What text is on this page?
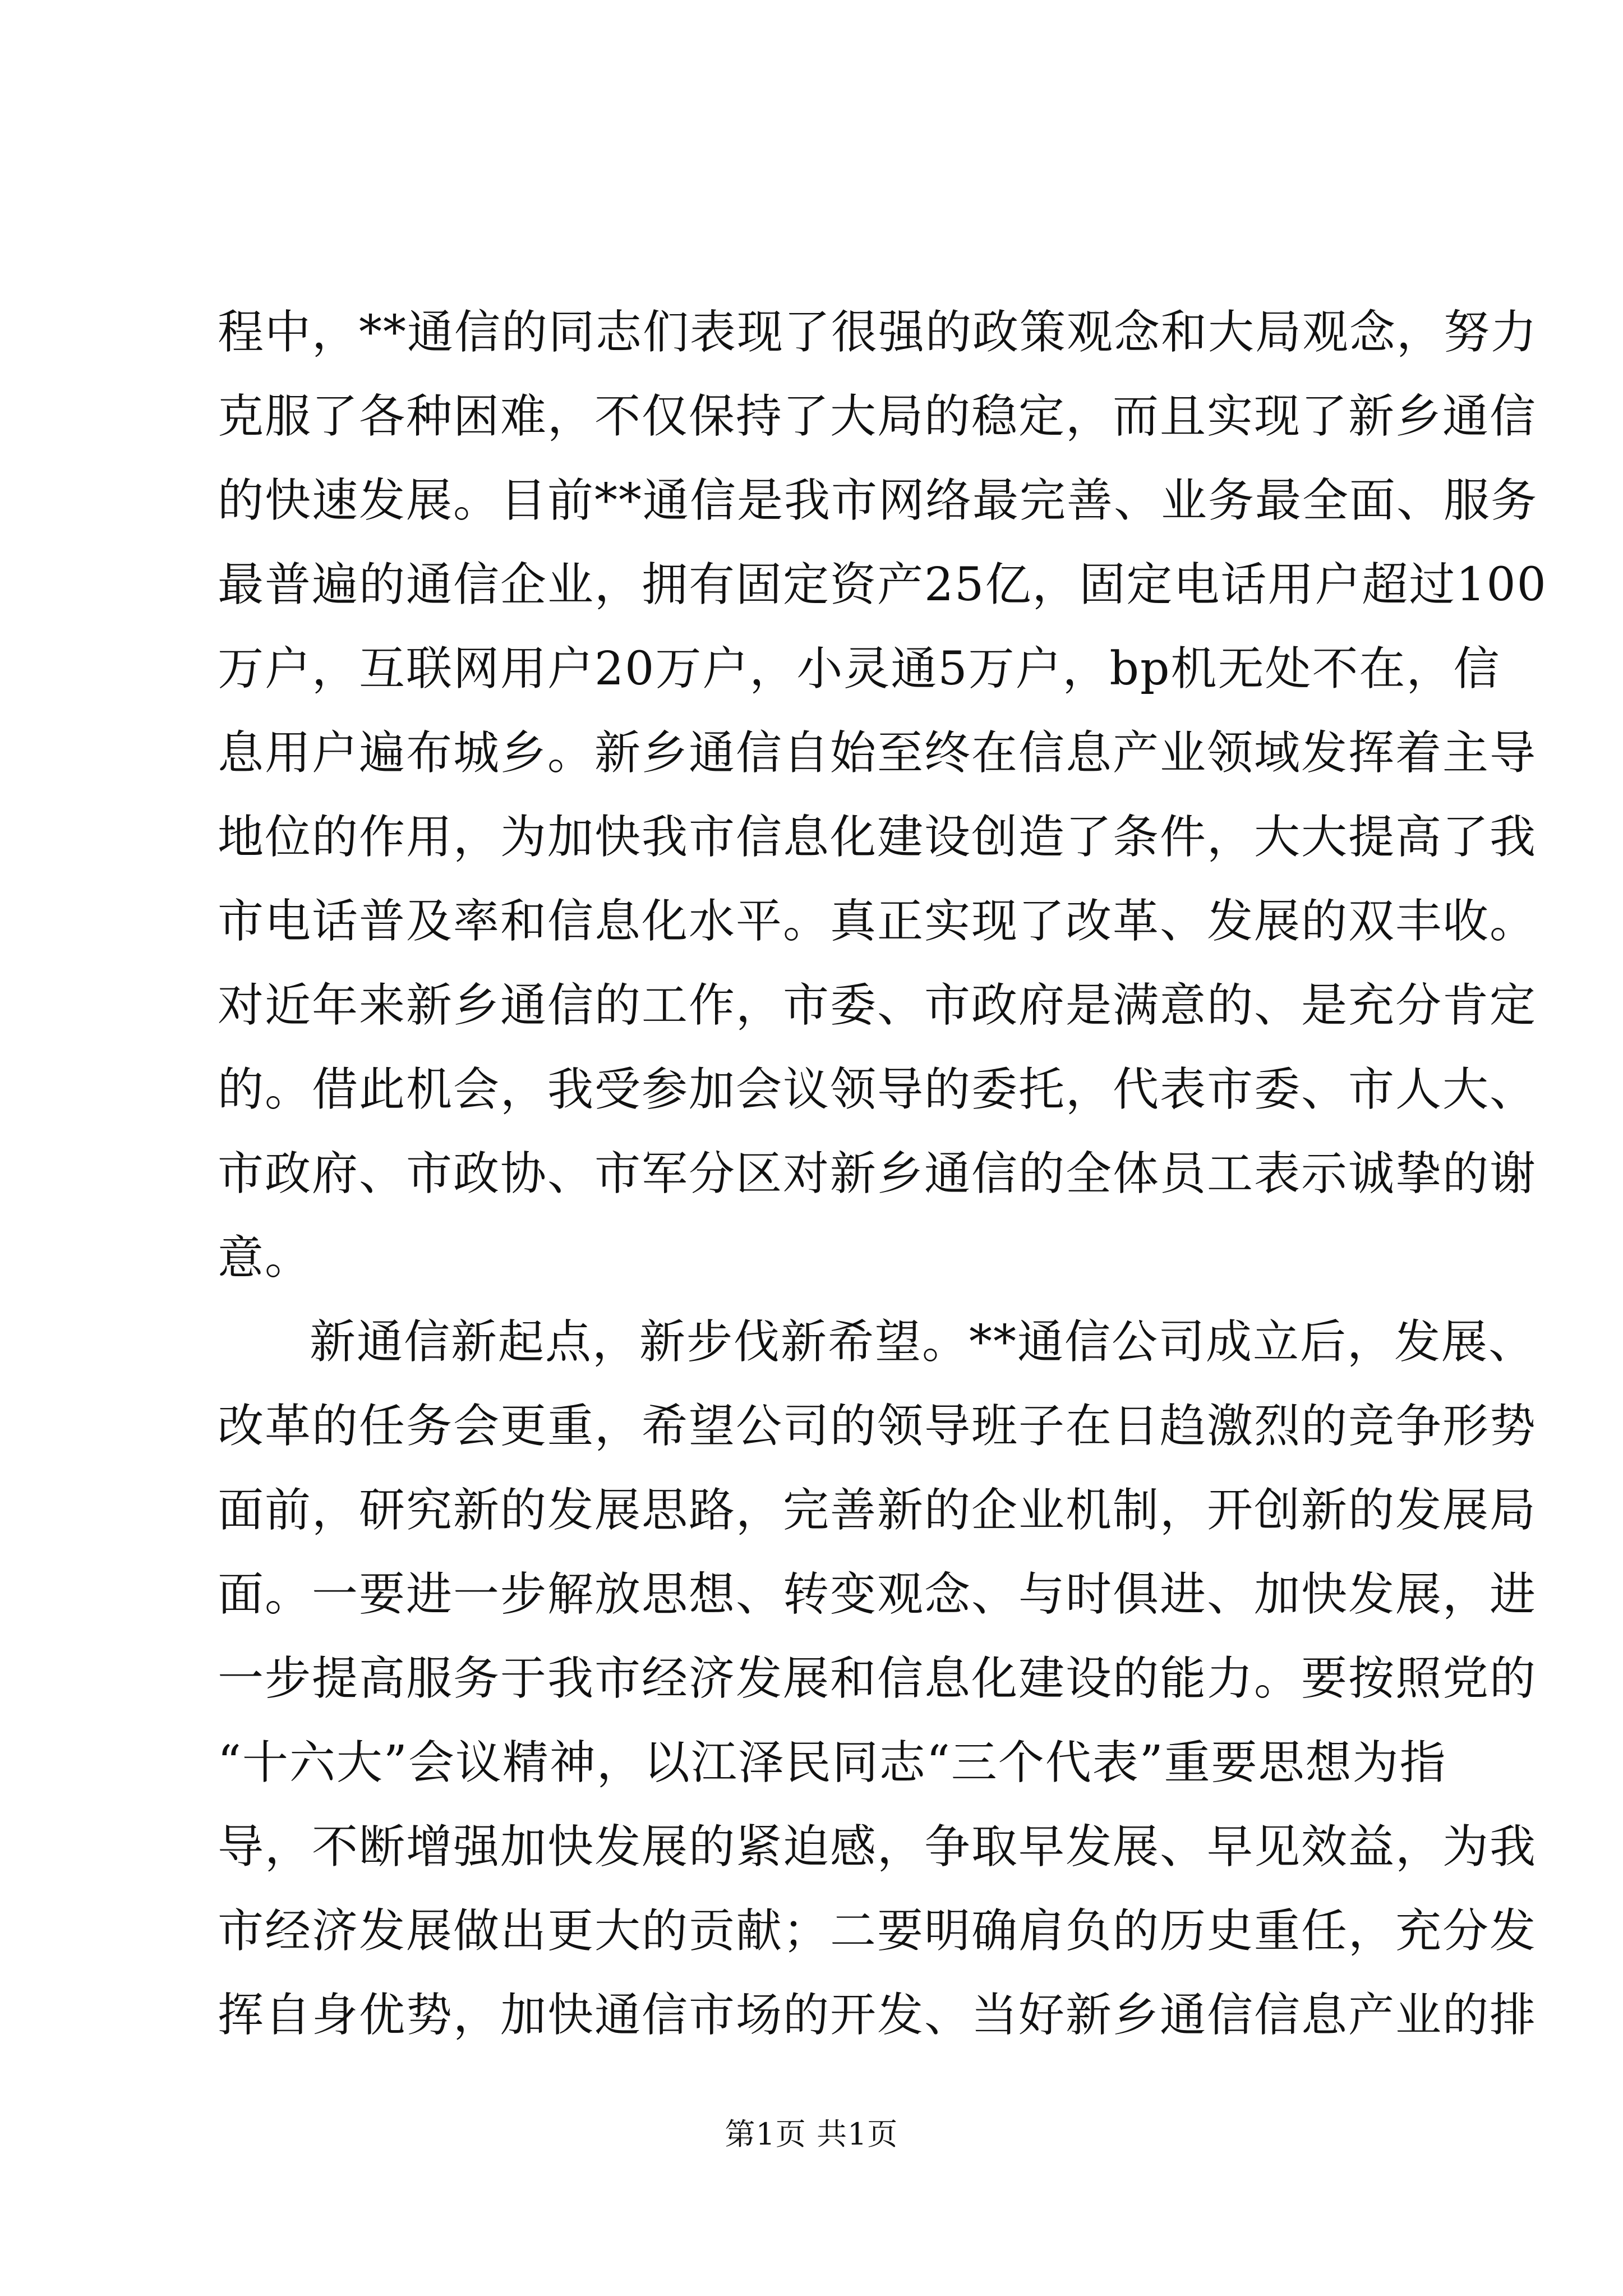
程中，**通信的同志们表现了很强的政策观念和大局观念，努力
克服了各种困难，不仅保持了大局的稳定，而且实现了新乡通信
的快速发展。目前**通信是我市网络最完善、业务最全面、服务
最普遍的通信企业，拥有固定资产25亿，固定电话用户超过100
万户，互联网用户20万户，小灵通5万户，bp机无处不在，信
息用户遍布城乡。新乡通信自始至终在信息产业领域发挥着主导
地位的作用，为加快我市信息化建设创造了条件，大大提高了我
市电话普及率和信息化水平。真正实现了改革、发展的双丰收。
对近年来新乡通信的工作，市委、市政府是满意的、是充分肯定
的。借此机会，我受参加会议领导的委托，代表市委、市人大、
市政府、市政协、市军分区对新乡通信的全体员工表示诚挚的谢
意。
新通信新起点，新步伐新希望。**通信公司成立后，发展、
改革的任务会更重，希望公司的领导班子在日趋激烈的竞争形势
面前，研究新的发展思路，完善新的企业机制，开创新的发展局
面。一要进一步解放思想、转变观念、与时俱进、加快发展，进
一步提高服务于我市经济发展和信息化建设的能力。要按照党的
“十六大”会议精神，以江泽民同志“三个代表”重要思想为指
导，不断增强加快发展的紧迫感，争取早发展、早见效益，为我
市经济发展做出更大的贡献；二要明确肩负的历史重任，充分发
挥自身优势，加快通信市场的开发、当好新乡通信信息产业的排
第1页 共1页
